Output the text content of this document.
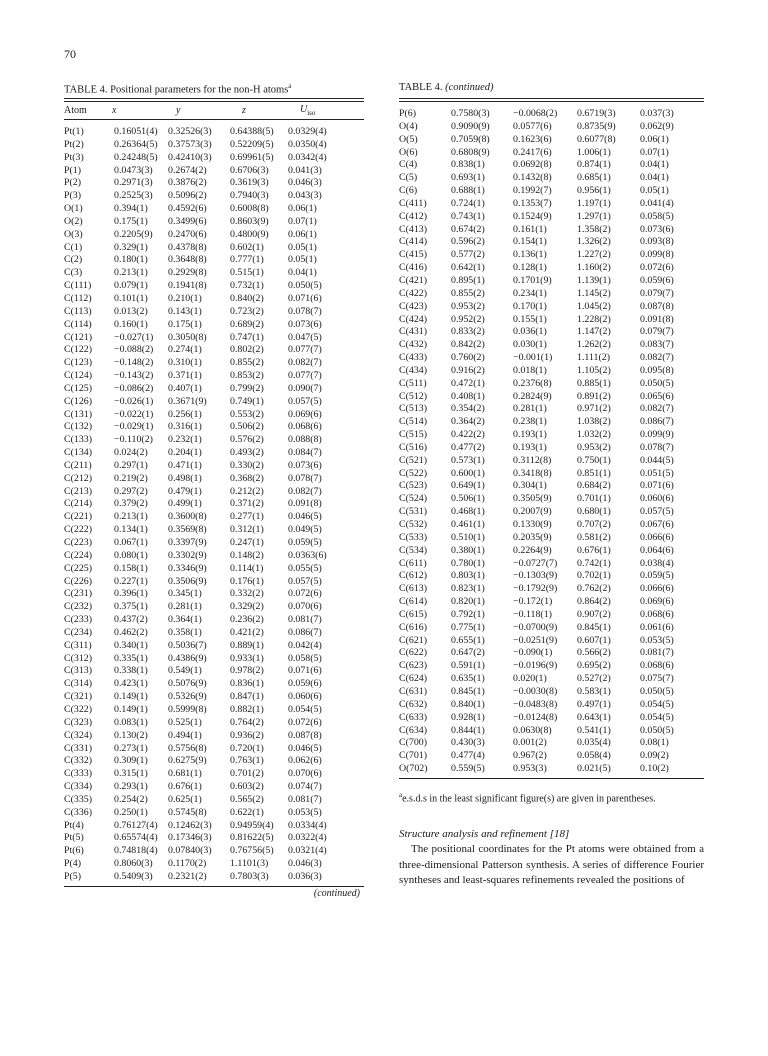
70
TABLE 4. Positional parameters for the non-H atoms$^a$
Atom	x	y	z	$U_{iso}$
Pt(1)	0.16051(4)	0.32526(3)	0.64388(5)	0.0329(4)
Pt(2)	0.26364(5)	0.37573(3)	0.52209(5)	0.0350(4)
Pt(3)	0.24248(5)	0.42410(3)	0.69961(5)	0.0342(4)
P(1)	0.0473(3)	0.2674(2)	0.6706(3)	0.041(3)
P(2)	0.2971(3)	0.3876(2)	0.3619(3)	0.046(3)
P(3)	0.2525(3)	0.5096(2)	0.7940(3)	0.043(3)
O(1)	0.394(1)	0.4592(6)	0.6008(8)	0.06(1)
O(2)	0.175(1)	0.3499(6)	0.8603(9)	0.07(1)
O(3)	0.2205(9)	0.2470(6)	0.4800(9)	0.06(1)
C(1)	0.329(1)	0.4378(8)	0.602(1)	0.05(1)
C(2)	0.180(1)	0.3648(8)	0.777(1)	0.05(1)
C(3)	0.213(1)	0.2929(8)	0.515(1)	0.04(1)
C(111)	0.079(1)	0.1941(8)	0.732(1)	0.050(5)
C(112)	0.101(1)	0.210(1)	0.840(2)	0.071(6)
C(113)	0.013(2)	0.143(1)	0.723(2)	0.078(7)
C(114)	0.160(1)	0.175(1)	0.689(2)	0.073(6)
C(121)	−0.027(1)	0.3050(8)	0.747(1)	0.047(5)
C(122)	−0.088(2)	0.274(1)	0.802(2)	0.077(7)
C(123)	−0.148(2)	0.310(1)	0.855(2)	0.082(7)
C(124)	−0.143(2)	0.371(1)	0.853(2)	0.077(7)
C(125)	−0.086(2)	0.407(1)	0.799(2)	0.090(7)
C(126)	−0.026(1)	0.3671(9)	0.749(1)	0.057(5)
C(131)	−0.022(1)	0.256(1)	0.553(2)	0.069(6)
C(132)	−0.029(1)	0.316(1)	0.506(2)	0.068(6)
C(133)	−0.110(2)	0.232(1)	0.576(2)	0.088(8)
C(134)	0.024(2)	0.204(1)	0.493(2)	0.084(7)
C(211)	0.297(1)	0.471(1)	0.330(2)	0.073(6)
C(212)	0.219(2)	0.498(1)	0.368(2)	0.078(7)
C(213)	0.297(2)	0.479(1)	0.212(2)	0.082(7)
C(214)	0.379(2)	0.499(1)	0.371(2)	0.091(8)
C(221)	0.213(1)	0.3600(8)	0.277(1)	0.046(5)
C(222)	0.134(1)	0.3569(8)	0.312(1)	0.049(5)
C(223)	0.067(1)	0.3397(9)	0.247(1)	0.059(5)
C(224)	0.080(1)	0.3302(9)	0.148(2)	0.0363(6)
C(225)	0.158(1)	0.3346(9)	0.114(1)	0.055(5)
C(226)	0.227(1)	0.3506(9)	0.176(1)	0.057(5)
C(231)	0.396(1)	0.345(1)	0.332(2)	0.072(6)
C(232)	0.375(1)	0.281(1)	0.329(2)	0.070(6)
C(233)	0.437(2)	0.364(1)	0.236(2)	0.081(7)
C(234)	0.462(2)	0.358(1)	0.421(2)	0.086(7)
C(311)	0.340(1)	0.5036(7)	0.889(1)	0.042(4)
C(312)	0.335(1)	0.4386(9)	0.933(1)	0.058(5)
C(313)	0.338(1)	0.549(1)	0.978(2)	0.071(6)
C(314)	0.423(1)	0.5076(9)	0.836(1)	0.059(6)
C(321)	0.149(1)	0.5326(9)	0.847(1)	0.060(6)
C(322)	0.149(1)	0.5999(8)	0.882(1)	0.054(5)
C(323)	0.083(1)	0.525(1)	0.764(2)	0.072(6)
C(324)	0.130(2)	0.494(1)	0.936(2)	0.087(8)
C(331)	0.273(1)	0.5756(8)	0.720(1)	0.046(5)
C(332)	0.309(1)	0.6275(9)	0.763(1)	0.062(6)
C(333)	0.315(1)	0.681(1)	0.701(2)	0.070(6)
C(334)	0.293(1)	0.676(1)	0.603(2)	0.074(7)
C(335)	0.254(2)	0.625(1)	0.565(2)	0.081(7)
C(336)	0.250(1)	0.5745(8)	0.622(1)	0.053(5)
Pt(4)	0.76127(4)	0.12462(3)	0.94959(4)	0.0334(4)
Pt(5)	0.65574(4)	0.17346(3)	0.81622(5)	0.0322(4)
Pt(6)	0.74818(4)	0.07840(3)	0.76756(5)	0.0321(4)
P(4)	0.8060(3)	0.1170(2)	1.1101(3)	0.046(3)
P(5)	0.5409(3)	0.2321(2)	0.7803(3)	0.036(3)
(continued)
TABLE 4. (continued)
P(6)	0.7580(3)	−0.0068(2)	0.6719(3)	0.037(3)
O(4)	0.9090(9)	0.0577(6)	0.8735(9)	0.062(9)
O(5)	0.7059(8)	0.1623(6)	0.6077(8)	0.06(1)
O(6)	0.6808(9)	0.2417(6)	1.006(1)	0.07(1)
C(4)	0.838(1)	0.0692(8)	0.874(1)	0.04(1)
C(5)	0.693(1)	0.1432(8)	0.685(1)	0.04(1)
C(6)	0.688(1)	0.1992(7)	0.956(1)	0.05(1)
C(411)	0.724(1)	0.1353(7)	1.197(1)	0.041(4)
C(412)	0.743(1)	0.1524(9)	1.297(1)	0.058(5)
C(413)	0.674(2)	0.161(1)	1.358(2)	0.073(6)
C(414)	0.596(2)	0.154(1)	1.326(2)	0.093(8)
C(415)	0.577(2)	0.136(1)	1.227(2)	0.099(8)
C(416)	0.642(1)	0.128(1)	1.160(2)	0.072(6)
C(421)	0.895(1)	0.1701(9)	1.139(1)	0.059(6)
C(422)	0.855(2)	0.234(1)	1.145(2)	0.079(7)
C(423)	0.953(2)	0.170(1)	1.045(2)	0.087(8)
C(424)	0.952(2)	0.155(1)	1.228(2)	0.091(8)
C(431)	0.833(2)	0.036(1)	1.147(2)	0.079(7)
C(432)	0.842(2)	0.030(1)	1.262(2)	0.083(7)
C(433)	0.760(2)	−0.001(1)	1.111(2)	0.082(7)
C(434)	0.916(2)	0.018(1)	1.105(2)	0.095(8)
C(511)	0.472(1)	0.2376(8)	0.885(1)	0.050(5)
C(512)	0.408(1)	0.2824(9)	0.891(2)	0.065(6)
C(513)	0.354(2)	0.281(1)	0.971(2)	0.082(7)
C(514)	0.364(2)	0.238(1)	1.038(2)	0.086(7)
C(515)	0.422(2)	0.193(1)	1.032(2)	0.099(9)
C(516)	0.477(2)	0.193(1)	0.953(2)	0.078(7)
C(521)	0.573(1)	0.3112(8)	0.750(1)	0.044(5)
C(522)	0.600(1)	0.3418(8)	0.851(1)	0.051(5)
C(523)	0.649(1)	0.304(1)	0.684(2)	0.071(6)
C(524)	0.506(1)	0.3505(9)	0.701(1)	0.060(6)
C(531)	0.468(1)	0.2007(9)	0.680(1)	0.057(5)
C(532)	0.461(1)	0.1330(9)	0.707(2)	0.067(6)
C(533)	0.510(1)	0.2035(9)	0.581(2)	0.066(6)
C(534)	0.380(1)	0.2264(9)	0.676(1)	0.064(6)
C(611)	0.780(1)	−0.0727(7)	0.742(1)	0.038(4)
C(612)	0.803(1)	−0.1303(9)	0.702(1)	0.059(5)
C(613)	0.823(1)	−0.1792(9)	0.762(2)	0.066(6)
C(614)	0.820(1)	−0.172(1)	0.864(2)	0.069(6)
C(615)	0.792(1)	−0.118(1)	0.907(2)	0.068(6)
C(616)	0.775(1)	−0.0700(9)	0.845(1)	0.061(6)
C(621)	0.655(1)	−0.0251(9)	0.607(1)	0.053(5)
C(622)	0.647(2)	−0.090(1)	0.566(2)	0.081(7)
C(623)	0.591(1)	−0.0196(9)	0.695(2)	0.068(6)
C(624)	0.635(1)	0.020(1)	0.527(2)	0.075(7)
C(631)	0.845(1)	−0.0030(8)	0.583(1)	0.050(5)
C(632)	0.840(1)	−0.0483(8)	0.497(1)	0.054(5)
C(633)	0.928(1)	−0.0124(8)	0.643(1)	0.054(5)
C(634)	0.844(1)	0.0630(8)	0.541(1)	0.050(5)
C(700)	0.430(3)	0.001(2)	0.035(4)	0.08(1)
C(701)	0.477(4)	0.967(2)	0.058(4)	0.09(2)
O(702)	0.559(5)	0.953(3)	0.021(5)	0.10(2)
$^a$e.s.d.s in the least significant figure(s) are given in parentheses.
Structure analysis and refinement [18]
The positional coordinates for the Pt atoms were obtained from a three-dimensional Patterson synthesis. A series of difference Fourier syntheses and least-squares refinements revealed the positions of
